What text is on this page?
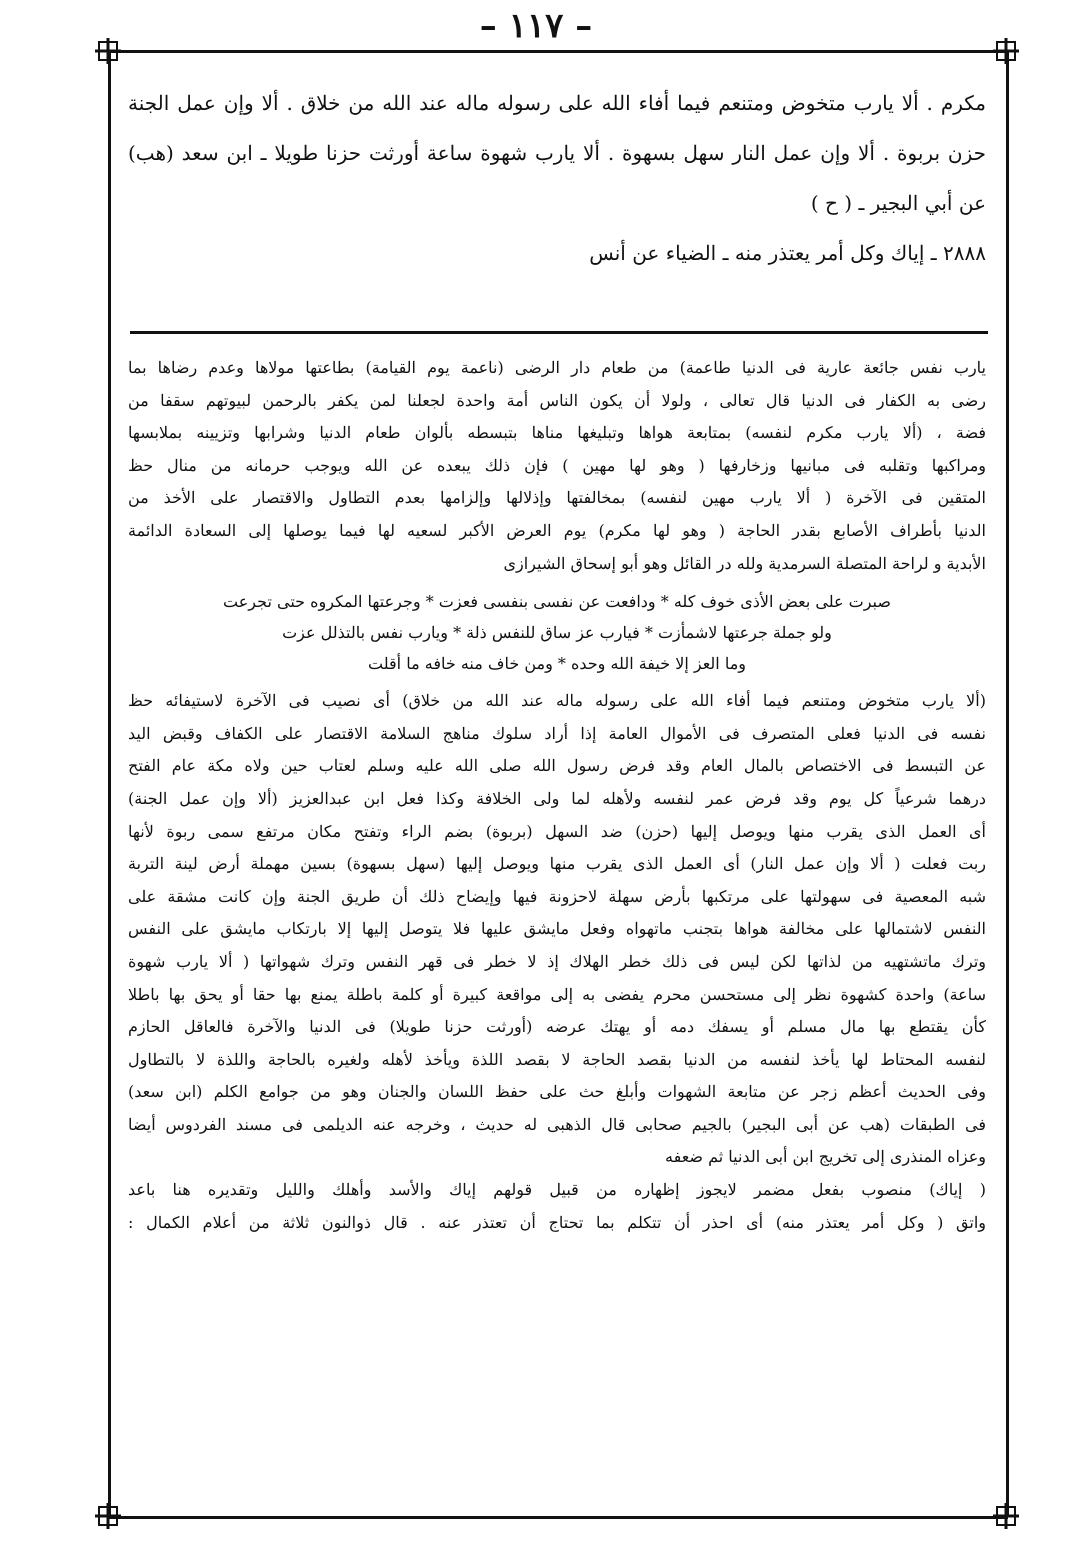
– ١١٧ –
مكرم . ألا يارب متخوض ومتنعم فيما أفاء الله على رسوله ماله عند الله من خلاق . ألا وإن عمل الجنة
حزن بربوة . ألا وإن عمل النار سهل بسهوة . ألا يارب شهوة ساعة أورثت حزنا طويلا ـ ابن سعد (هب)
عن أبي البجير ـ ( ح )
٢٨٨٨ ـ إياك وكل أمر يعتذر منه ـ الضياء عن أنس
يارب نفس جائعة عارية فى الدنيا طاعمة) من طعام دار الرضى (ناعمة يوم القيامة) بطاعتها مولاها وعدم رضاها بما
رضى به الكفار فى الدنيا قال تعالى ، ولولا أن يكون الناس أمة واحدة لجعلنا لمن يكفر بالرحمن لبيوتهم سقفا من
فضة ، (ألا يارب مكرم لنفسه) بمتابعة هواها وتبليغها مناها بتبسطه بألوان طعام الدنيا وشرابها وتزيينه بملابسها
ومراكبها وتقلبه فى مبانيها وزخارفها ( وهو لها مهين ) فإن ذلك يبعده عن الله ويوجب حرمانه من منال حظ
المتقين فى الآخرة ( ألا يارب مهين لنفسه) بمخالفتها وإذلالها وإلزامها بعدم التطاول والاقتصار على الأخذ من
الدنيا بأطراف الأصابع بقدر الحاجة ( وهو لها مكرم) يوم العرض الأكبر لسعيه لها فيما يوصلها إلى السعادة الدائمة
الأبدية و لراحة المتصلة السرمدية ولله در القائل وهو أبو إسحاق الشيرازى
صبرت على بعض الأذى خوف كله * ودافعت عن نفسى بنفسى فعزت * وجرعتها المكروه حتى تجرعت
ولو جملة جرعتها لاشمأزت * فيارب عز ساق للنفس ذلة * ويارب نفس بالتذلل عزت
وما العز إلا خيفة الله وحده * ومن خاف منه خافه ما أقلت
(ألا يارب متخوض ومتنعم فيما أفاء الله على رسوله ماله عند الله من خلاق) أى نصيب فى الآخرة لاستيفائه حظ
نفسه فى الدنيا فعلى المتصرف فى الأموال العامة إذا أراد سلوك مناهج السلامة الاقتصار على الكفاف وقبض اليد
عن التبسط فى الاختصاص بالمال العام وقد فرض رسول الله صلى الله عليه وسلم لعتاب حين ولاه مكة عام الفتح
درهما شرعياً كل يوم وقد فرض عمر لنفسه ولأهله لما ولى الخلافة وكذا فعل ابن عبدالعزيز (ألا وإن عمل الجنة)
أى العمل الذى يقرب منها ويوصل إليها (حزن) ضد السهل (بربوة) بضم الراء وتفتح مكان مرتفع سمى ربوة لأنها
ربت فعلت ( ألا وإن عمل النار) أى العمل الذى يقرب منها ويوصل إليها (سهل بسهوة) بسين مهملة أرض لينة التربة
شبه المعصية فى سهولتها على مرتكبها بأرض سهلة لاحزونة فيها وإيضاح ذلك أن طريق الجنة وإن كانت مشقة على
النفس لاشتمالها على مخالفة هواها بتجنب ماتهواه وفعل مايشق عليها فلا يتوصل إليها إلا بارتكاب مايشق على النفس
وترك ماتشتهيه من لذاتها لكن ليس فى ذلك خطر الهلاك إذ لا خطر فى قهر النفس وترك شهواتها ( ألا يارب شهوة
ساعة) واحدة كشهوة نظر إلى مستحسن محرم يفضى به إلى مواقعة كبيرة أو كلمة باطلة يمنع بها حقا أو يحق بها باطلا
كأن يقتطع بها مال مسلم أو يسفك دمه أو يهتك عرضه (أورثت حزنا طويلا) فى الدنيا والآخرة فالعاقل الحازم
لنفسه المحتاط لها يأخذ لنفسه من الدنيا بقصد الحاجة لا بقصد اللذة ويأخذ لأهله ولغيره بالحاجة واللذة لا بالتطاول
وفى الحديث أعظم زجر عن متابعة الشهوات وأبلغ حث على حفظ اللسان والجنان وهو من جوامع الكلم (ابن سعد)
فى الطبقات (هب عن أبى البجير) بالجيم صحابى قال الذهبى له حديث ، وخرجه عنه الديلمى فى مسند الفردوس أيضا
وعزاه المنذرى إلى تخريج ابن أبى الدنيا ثم ضعفه
( إياك) منصوب بفعل مضمر لايجوز إظهاره من قبيل قولهم إياك والأسد وأهلك والليل وتقديره هنا باعد
واتق ( وكل أمر يعتذر منه) أى احذر أن تتكلم بما تحتاج أن تعتذر عنه . قال ذوالنون ثلاثة من أعلام الكمال :
